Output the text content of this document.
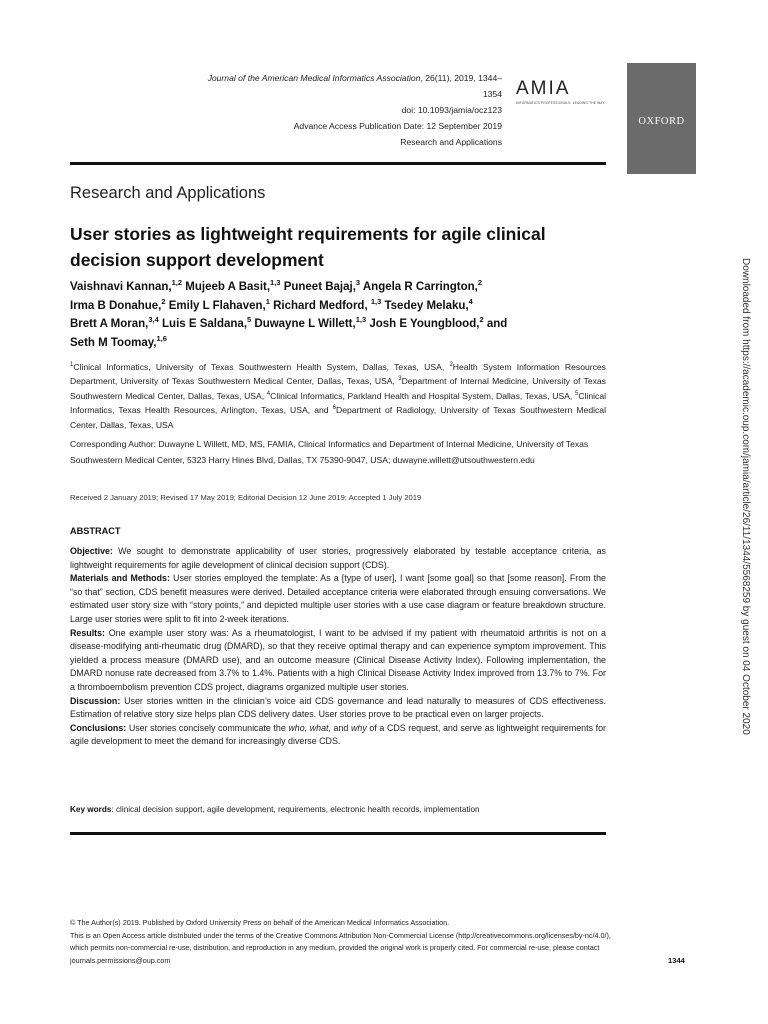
Journal of the American Medical Informatics Association, 26(11), 2019, 1344–1354
doi: 10.1093/jamia/ocz123
Advance Access Publication Date: 12 September 2019
Research and Applications
AMIA
INFORMATICS PROFESSIONALS. LEADING THE WAY.
OXFORD
Research and Applications
User stories as lightweight requirements for agile clinical decision support development
Vaishnavi Kannan,$^{1,2}$ Mujeeb A Basit,$^{1,3}$ Puneet Bajaj,$^3$ Angela R Carrington,$^2$
Irma B Donahue,$^2$ Emily L Flahaven,$^1$ Richard Medford, $^{1,3}$ Tsedey Melaku,$^4$
Brett A Moran,$^{3,4}$ Luis E Saldana,$^5$ Duwayne L Willett,$^{1,3}$ Josh E Youngblood,$^2$ and
Seth M Toomay,$^{1,6}$
$^1$Clinical Informatics, University of Texas Southwestern Health System, Dallas, Texas, USA, $^2$Health System Information Resources Department, University of Texas Southwestern Medical Center, Dallas, Texas, USA, $^3$Department of Internal Medicine, University of Texas Southwestern Medical Center, Dallas, Texas, USA, $^4$Clinical Informatics, Parkland Health and Hospital System, Dallas, Texas, USA, $^5$Clinical Informatics, Texas Health Resources, Arlington, Texas, USA, and $^6$Department of Radiology, University of Texas Southwestern Medical Center, Dallas, Texas, USA
Corresponding Author: Duwayne L Willett, MD, MS, FAMIA, Clinical Informatics and Department of Internal Medicine, University of Texas Southwestern Medical Center, 5323 Harry Hines Blvd, Dallas, TX 75390-9047, USA; duwayne.willett@utsouthwestern.edu
Received 2 January 2019; Revised 17 May 2019; Editorial Decision 12 June 2019; Accepted 1 July 2019
ABSTRACT

Objective: We sought to demonstrate applicability of user stories, progressively elaborated by testable acceptance criteria, as lightweight requirements for agile development of clinical decision support (CDS).

Materials and Methods: User stories employed the template: As a [type of user], I want [some goal] so that [some reason]. From the “so that” section, CDS benefit measures were derived. Detailed acceptance criteria were elaborated through ensuing conversations. We estimated user story size with “story points,” and depicted multiple user stories with a use case diagram or feature breakdown structure. Large user stories were split to fit into 2-week iterations.

Results: One example user story was: As a rheumatologist, I want to be advised if my patient with rheumatoid arthritis is not on a disease-modifying anti-rheumatic drug (DMARD), so that they receive optimal therapy and can experience symptom improvement. This yielded a process measure (DMARD use), and an outcome measure (Clinical Disease Activity Index). Following implementation, the DMARD nonuse rate decreased from 3.7% to 1.4%. Patients with a high Clinical Disease Activity Index improved from 13.7% to 7%. For a thromboembolism prevention CDS project, diagrams organized multiple user stories.

Discussion: User stories written in the clinician’s voice aid CDS governance and lead naturally to measures of CDS effectiveness. Estimation of relative story size helps plan CDS delivery dates. User stories prove to be practical even on larger projects.

Conclusions: User stories concisely communicate the who, what, and why of a CDS request, and serve as lightweight requirements for agile development to meet the demand for increasingly diverse CDS.

Key words: clinical decision support, agile development, requirements, electronic health records, implementation
© The Author(s) 2019. Published by Oxford University Press on behalf of the American Medical Informatics Association.
This is an Open Access article distributed under the terms of the Creative Commons Attribution Non-Commercial License (http://creativecommons.org/licenses/by-nc/4.0/),
which permits non-commercial re-use, distribution, and reproduction in any medium, provided the original work is properly cited. For commercial re-use, please contact
journals.permissions@oup.com	1344
Downloaded from https://academic.oup.com/jamia/article/26/11/1344/5568259 by guest on 04 October 2020
